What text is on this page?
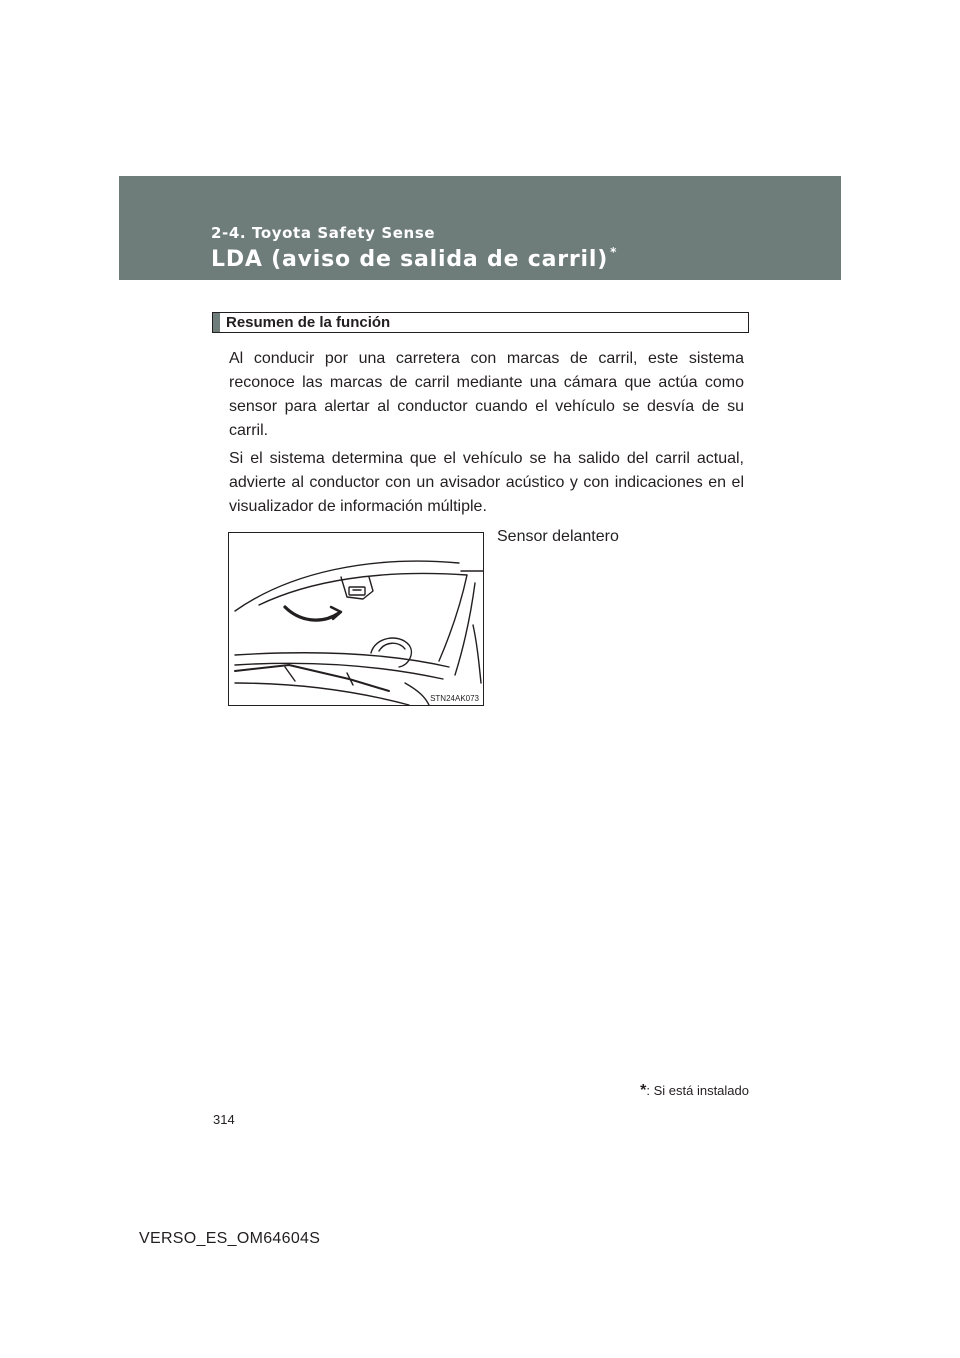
2-4. Toyota Safety Sense
LDA (aviso de salida de carril) *
Resumen de la función

Al conducir por una carretera con marcas de carril, este sistema reconoce las marcas de carril mediante una cámara que actúa como sensor para alertar al conductor cuando el vehículo se desvía de su carril.

Si el sistema determina que el vehículo se ha salido del carril actual, advierte al conductor con un avisador acústico y con indicaciones en el visualizador de información múltiple.

STN24AK073
Sensor delantero
*: Si está instalado
314
VERSO_ES_OM64604S
